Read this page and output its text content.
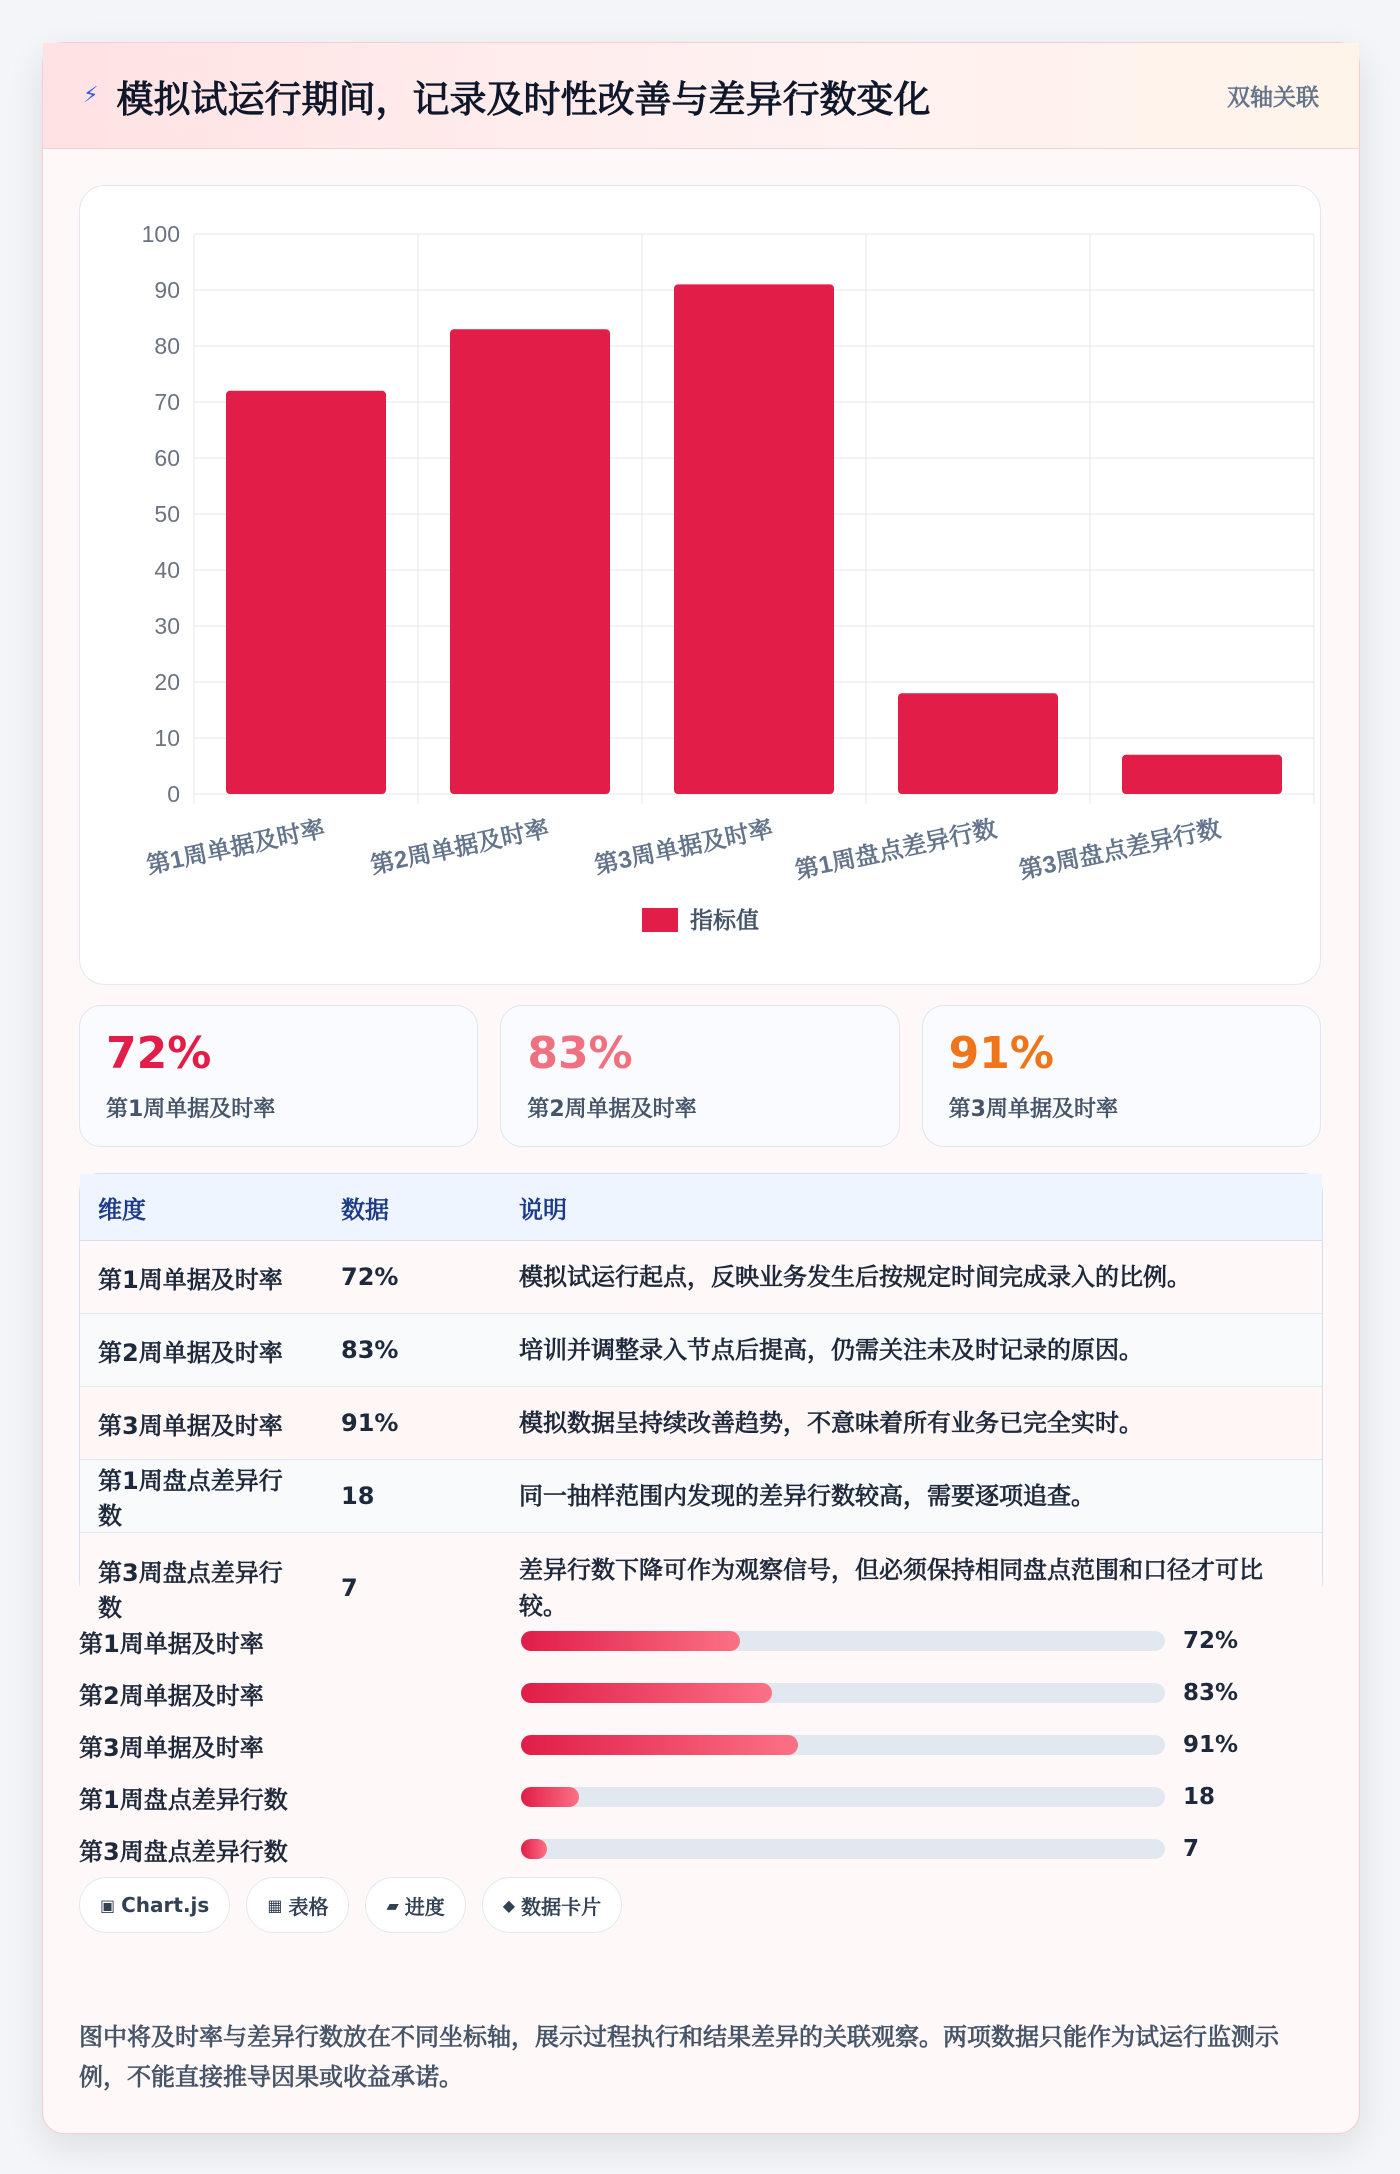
⚡ 模拟试运行期间，记录及时性改善与差异行数变化	双轴关联
0
10
20
30
40
50
60
70
80
90
100
第1周单据及时率 第2周单据及时率 第3周单据及时率 第1周盘点差异行数 第3周盘点差异行数
指标值
72%
第1周单据及时率
83%
第2周单据及时率
91%
第3周单据及时率
维度	数据	说明
第1周单据及时率	72%	模拟试运行起点，反映业务发生后按规定时间完成录入的比例。
第2周单据及时率	83%	培训并调整录入节点后提高，仍需关注未及时记录的原因。
第3周单据及时率	91%	模拟数据呈持续改善趋势，不意味着所有业务已完全实时。
第1周盘点差异行数	18	同一抽样范围内发现的差异行数较高，需要逐项追查。
第3周盘点差异行数	7	差异行数下降可作为观察信号，但必须保持相同盘点范围和口径才可比较。
第1周单据及时率	72%
第2周单据及时率	83%
第3周单据及时率	91%
第1周盘点差异行数	18
第3周盘点差异行数	7
▣ Chart.js	▦ 表格	▰ 进度	◆ 数据卡片
图中将及时率与差异行数放在不同坐标轴，展示过程执行和结果差异的关联观察。两项数据只能作为试运行监测示例，不能直接推导因果或收益承诺。
